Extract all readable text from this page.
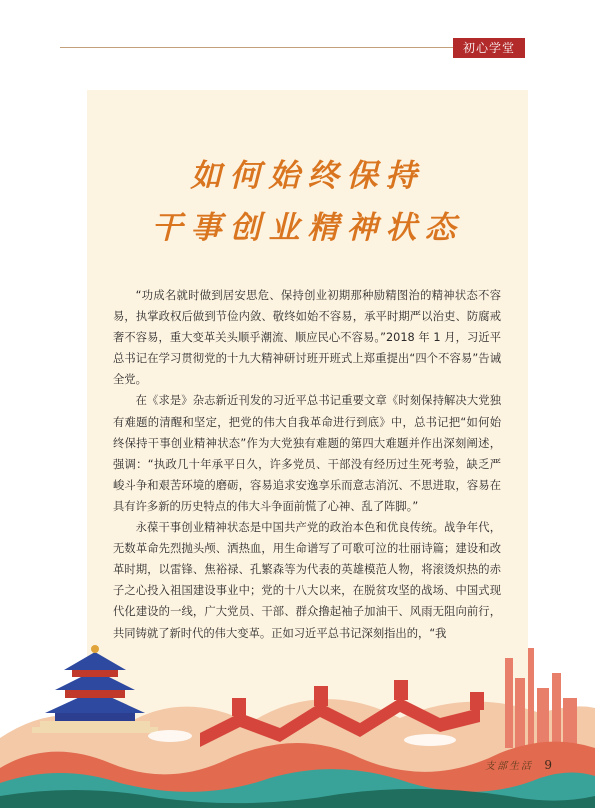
初心学堂
如何始终保持
干事创业精神状态

“功成名就时做到居安思危、保持创业初期那种励精图治的精神状态不容易，执掌政权后做到节俭内敛、敬终如始不容易，承平时期严以治吏、防腐戒奢不容易，重大变革关头顺乎潮流、顺应民心不容易。”2018 年 1 月，习近平总书记在学习贯彻党的十九大精神研讨班开班式上郑重提出“四个不容易”告诫全党。

在《求是》杂志新近刊发的习近平总书记重要文章《时刻保持解决大党独有难题的清醒和坚定，把党的伟大自我革命进行到底》中，总书记把“如何始终保持干事创业精神状态”作为大党独有难题的第四大难题并作出深刻阐述，强调：“执政几十年承平日久，许多党员、干部没有经历过生死考验，缺乏严峻斗争和艰苦环境的磨砺，容易追求安逸享乐而意志消沉、不思进取，容易在具有许多新的历史特点的伟大斗争面前慌了心神、乱了阵脚。”

永葆干事创业精神状态是中国共产党的政治本色和优良传统。战争年代，无数革命先烈抛头颅、洒热血，用生命谱写了可歌可泣的壮丽诗篇；建设和改革时期，以雷锋、焦裕禄、孔繁森等为代表的英雄模范人物，将滚烫炽热的赤子之心投入祖国建设事业中；党的十八大以来，在脱贫攻坚的战场、中国式现代化建设的一线，广大党员、干部、群众撸起袖子加油干、风雨无阻向前行，共同铸就了新时代的伟大变革。正如习近平总书记深刻指出的，“我

支部生活 9
